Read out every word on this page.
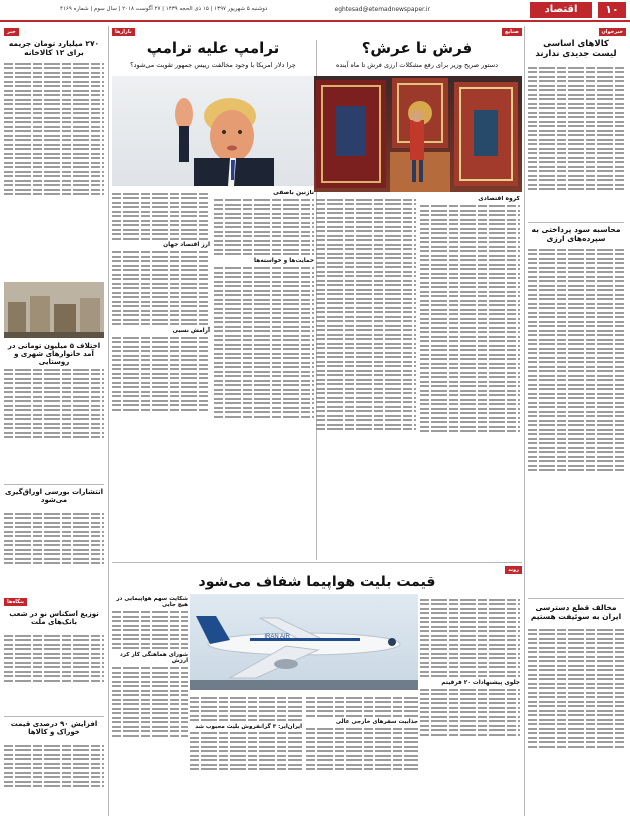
۱۰
اقتصاد
eghtesad@etemadnewspaper.ir
دوشنبه ۵ شهریور ۱۳۹۷ | ۱۵ ذی الحجه ۱۴۳۹ | ۲۷ آگوست ۲۰۱۸ | سال سوم | شماره ۴۱۶۹
خبرخوان
کالاهای اساسی
لیست جدیدی ندارند
محاسبه سود پرداختی به سپرده‌های ارزی
مخالف قطع دسترسی ایران به سوئیفت هستیم
صنایع
فرش تا عرش؟
دستور صریح وزیر برای رفع مشکلات ارزی فرش تا ماه آینده
گروه اقتصادی
بازارها
ترامپ علیه ترامپ
چرا دلار امریکا با وجود مخالفت رییس جمهور تقویت می‌شود؟
نازنین باصفی
حمایت‌ها و خواسته‌ها
ارز اقتصاد جهان
آرامش نسبی
خبر
۲۷۰ میلیارد تومان جریمه برای ۱۲ کالاخانه
اختلاف ۵ میلیون تومانی در آمد خانوارهای شهری و روستایی
انتشارات بورسی اوراق‌گیری می‌شود
بنگاه‌ها
توزیع اسکناس نو در شعب بانک‌های ملت
افزایش ۹۰ درصدی قیمت خوراک و کالاها
روند
قیمت بلیت هواپیما شفاف می‌شود
IRAN AIR
جلوی پیشنهادات ۲۰ فرقیتم
شکایت سهم هواپیمایی در هیچ جایی
شورای هماهنگی کار کرد ارزش
ایران‌ایر: ۳ گرانفروش بلیت محبوب شد
جذابیت سفرهای خارجی عالی
